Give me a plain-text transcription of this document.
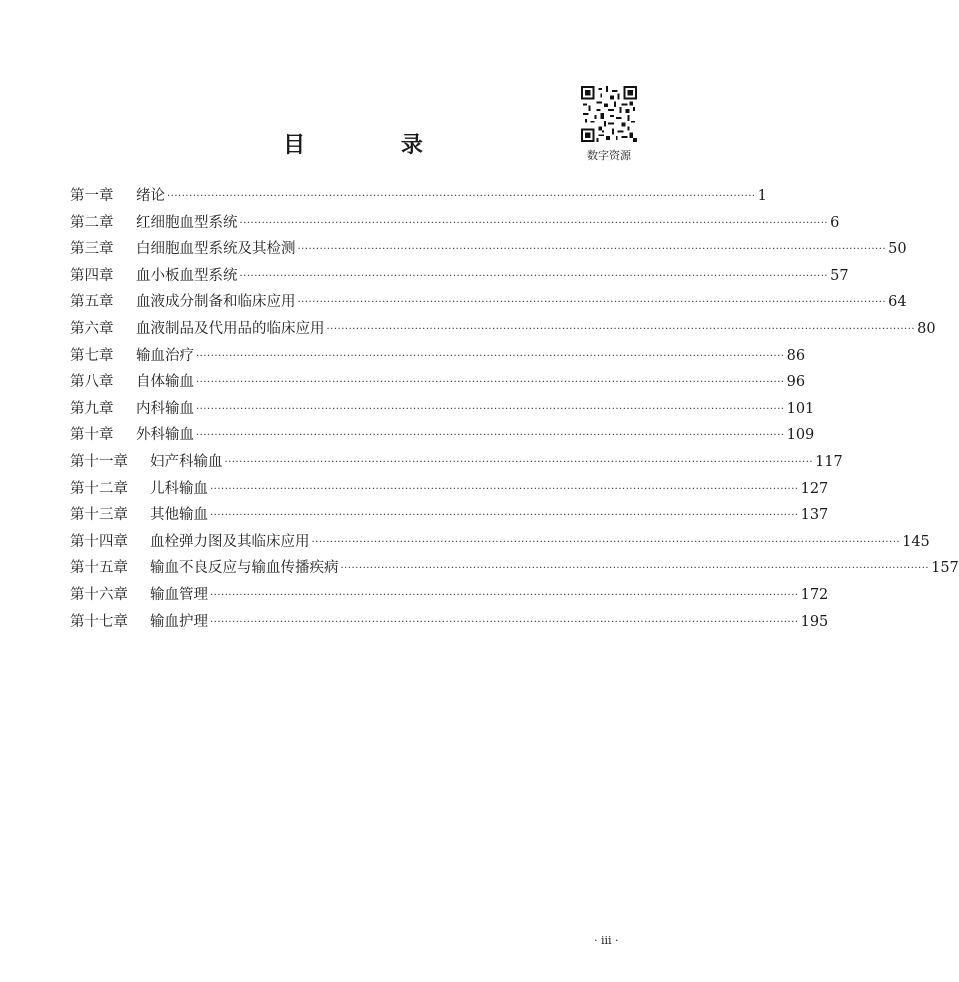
数字资源
目 录
第一章	绪论 ································································································································································ 1
第二章	红细胞血型系统 ································································································································································ 6
第三章	白细胞血型系统及其检测 ································································································································································ 50
第四章	血小板血型系统 ································································································································································ 57
第五章	血液成分制备和临床应用 ································································································································································ 64
第六章	血液制品及代用品的临床应用 ································································································································································ 80
第七章	输血治疗 ································································································································································ 86
第八章	自体输血 ································································································································································ 96
第九章	内科输血 ································································································································································ 101
第十章	外科输血 ································································································································································ 109
第十一章	妇产科输血 ································································································································································ 117
第十二章	儿科输血 ································································································································································ 127
第十三章	其他输血 ································································································································································ 137
第十四章	血栓弹力图及其临床应用 ································································································································································ 145
第十五章	输血不良反应与输血传播疾病 ································································································································································ 157
第十六章	输血管理 ································································································································································ 172
第十七章	输血护理 ································································································································································ 195
· iii ·
